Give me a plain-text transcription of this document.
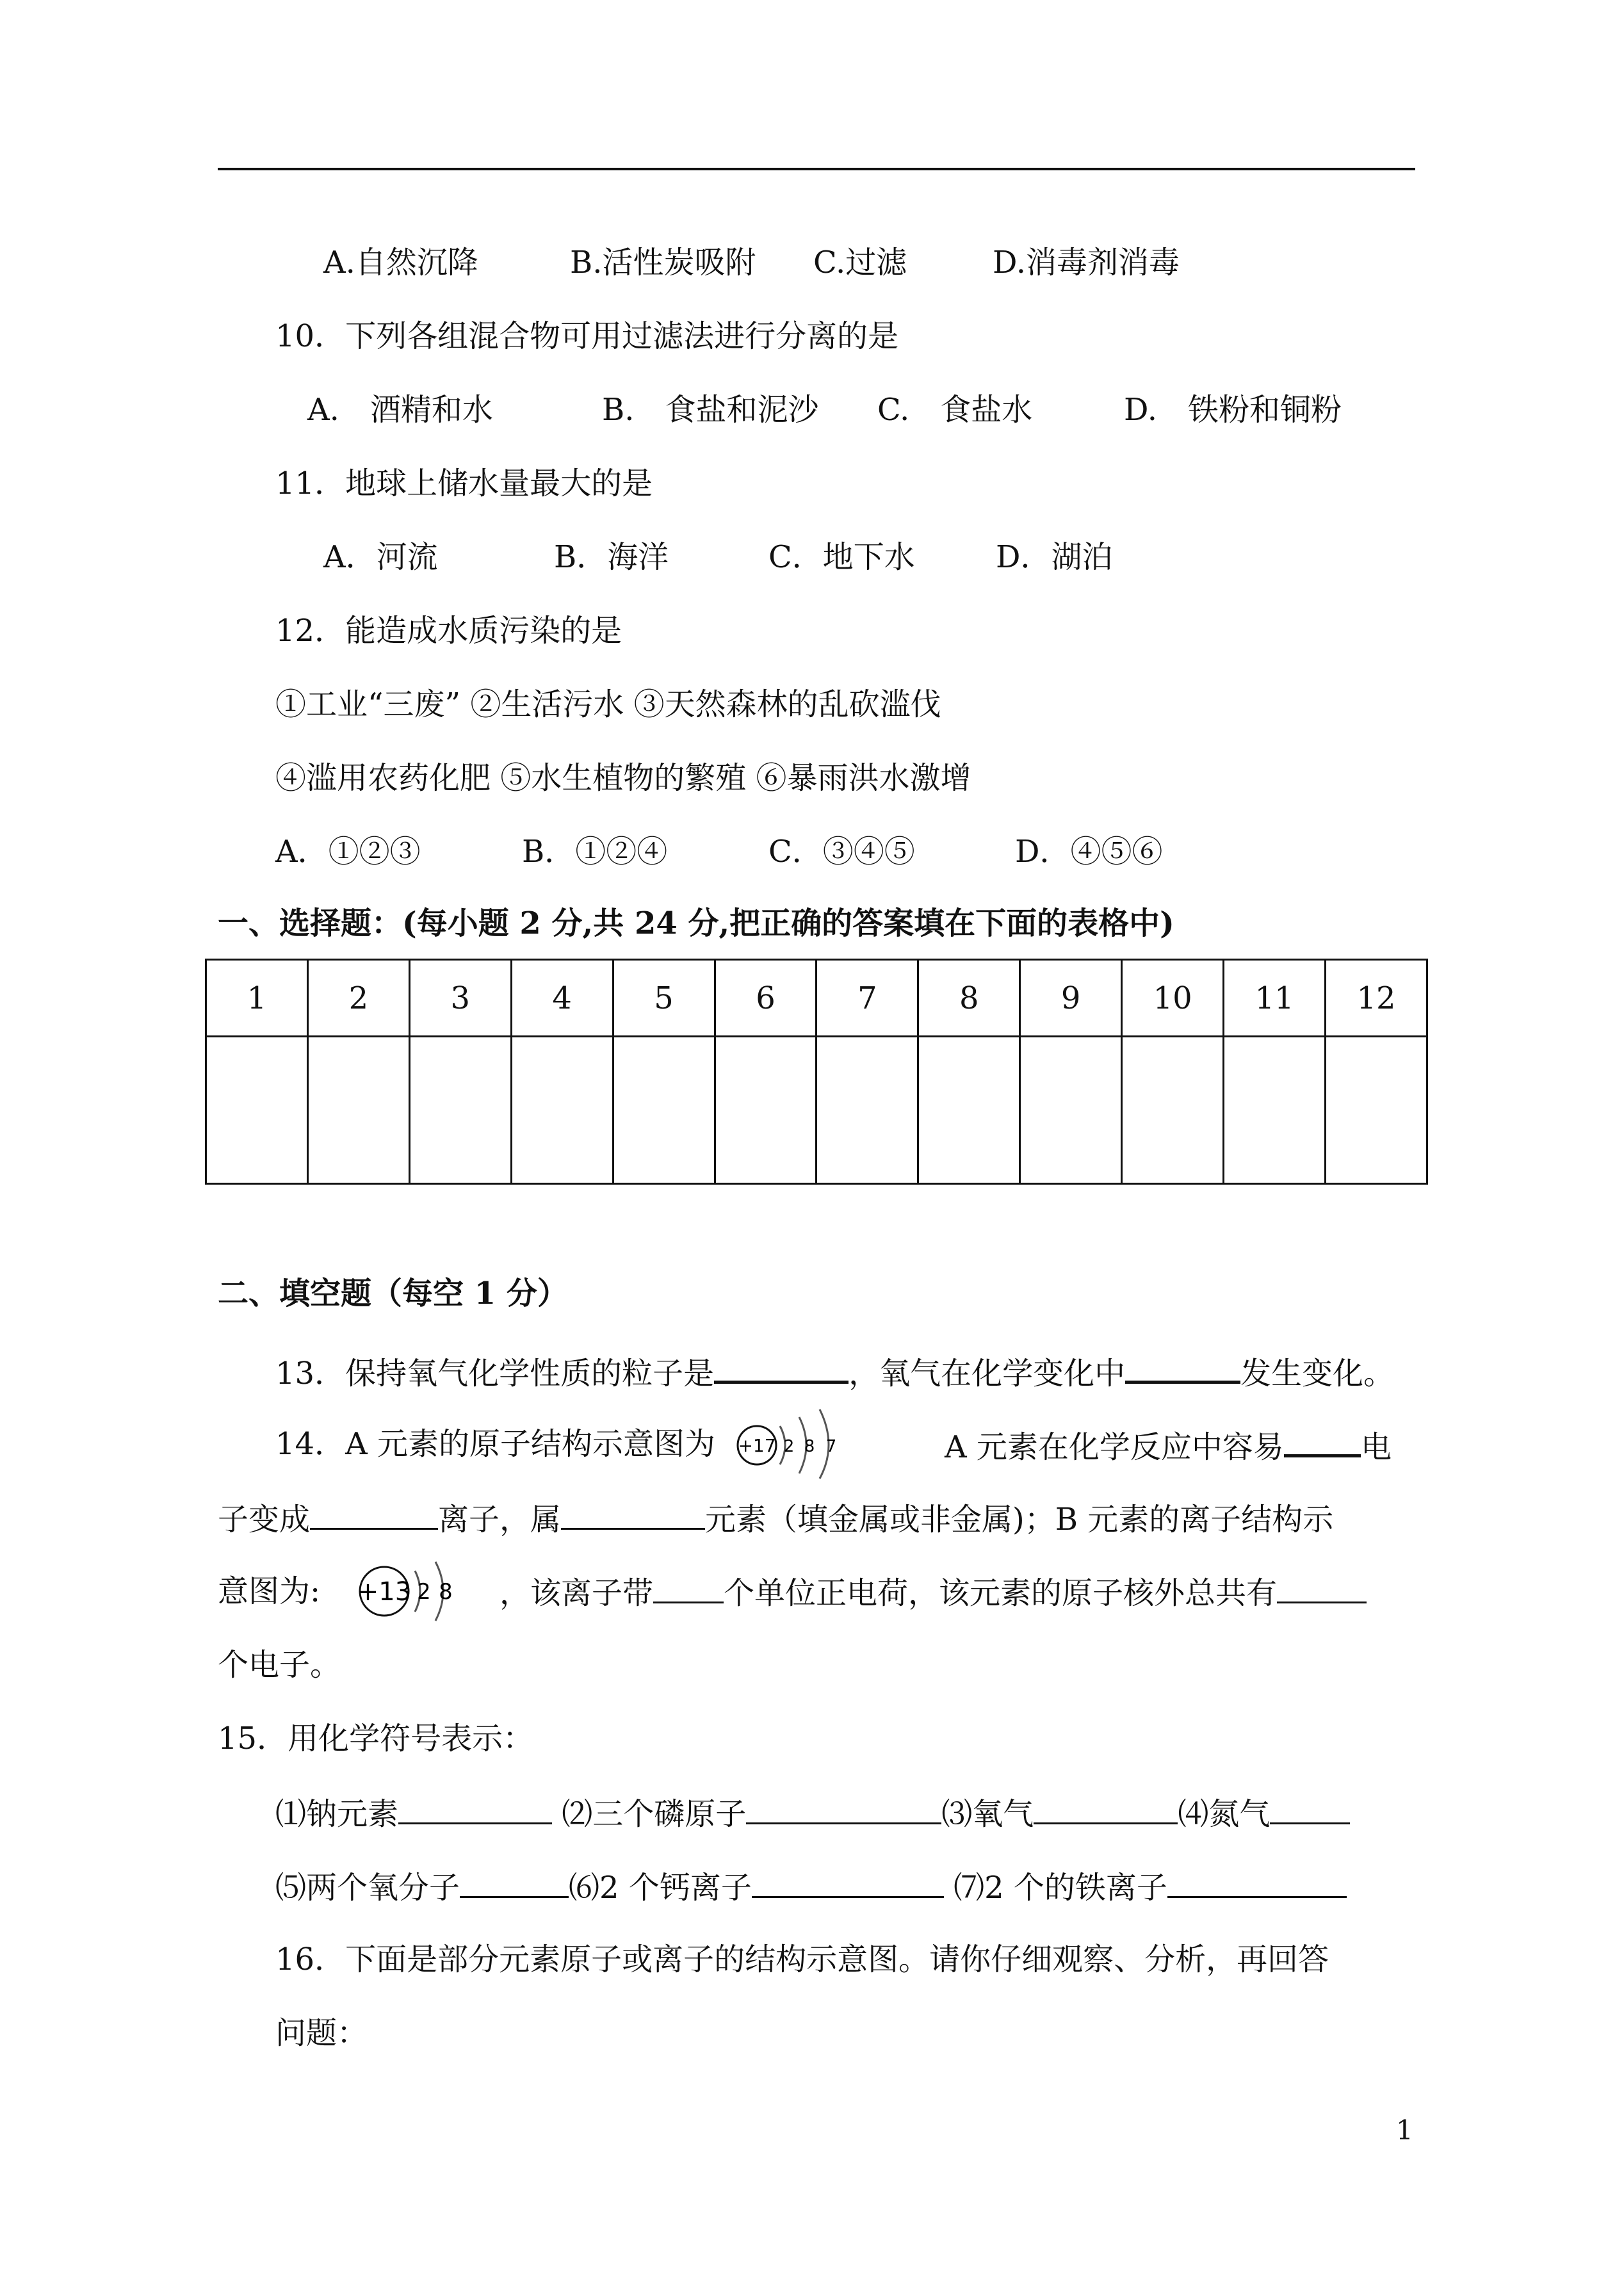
A.自然沉降	B.活性炭吸附 C.过滤	D.消毒剂消毒
10．下列各组混合物可用过滤法进行分离的是
A.　酒精和水	B.　食盐和泥沙 C.　食盐水	D.　铁粉和铜粉
11．地球上储水量最大的是
A．河流	B．海洋	C．地下水	D．湖泊
12．能造成水质污染的是
①工业“三废” ②生活污水 ③天然森林的乱砍滥伐
④滥用农药化肥 ⑤水生植物的繁殖 ⑥暴雨洪水激增
A．①②③	B．①②④	C．③④⑤	D．④⑤⑥
一、选择题：(每小题 2 分,共 24 分,把正确的答案填在下面的表格中)
1	2	3	4	5	6	7	8	9	10	11	12

二、填空题（每空 1 分）
13．保持氧气化学性质的粒子是	，氧气在化学变化中	发生变化。
14．A 元素的原子结构示意图为 +17 2 8 7	A 元素在化学反应中容易	电
子变成	离子，属	元素（填金属或非金属)；B 元素的离子结构示
意图为: +13 2 8 ，该离子带 个单位正电荷，该元素的原子核外总共有
个电子。
15．用化学符号表示：
⑴钠元素	⑵三个磷原子	⑶氧气	⑷氮气
⑸两个氧分子	⑹2 个钙离子	⑺2 个的铁离子
16．下面是部分元素原子或离子的结构示意图。请你仔细观察、分析，再回答
问题：
1
